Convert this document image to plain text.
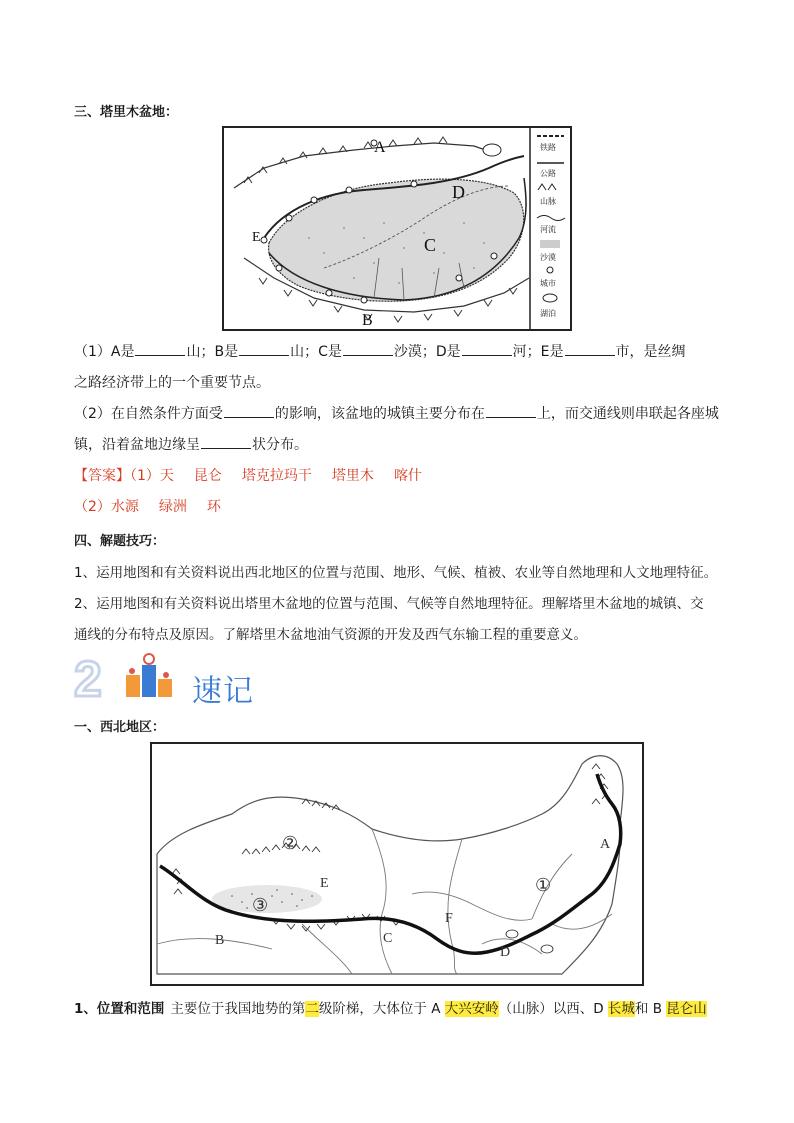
三、塔里木盆地：
A
B
C
D
E
铁路
公路
山脉
河流
沙漠
城市
湖泊
（1）A是	山；B是	山；C是	沙漠；D是	河；E是	市，是丝绸
之路经济带上的一个重要节点。
（2）在自然条件方面受	的影响，该盆地的城镇主要分布在	上，而交通线则串联起各座城
镇，沿着盆地边缘呈	状分布。
【答案】（1）天 昆仑 塔克拉玛干 塔里木 喀什
（2）水源 绿洲 环
四、解题技巧：
1、运用地图和有关资料说出西北地区的位置与范围、地形、气候、植被、农业等自然地理和人文地理特征。
2、运用地图和有关资料说出塔里木盆地的位置与范围、气候等自然地理特征。理解塔里木盆地的城镇、交
通线的分布特点及原因。了解塔里木盆地油气资源的开发及西气东输工程的重要意义。
2	速记
一、西北地区：
A
B	C
D
E
F
①
②
③
1、位置和范围 主要位于我国地势的第二级阶梯，大体位于 A 大兴安岭（山脉）以西、D 长城和 B 昆仑山
